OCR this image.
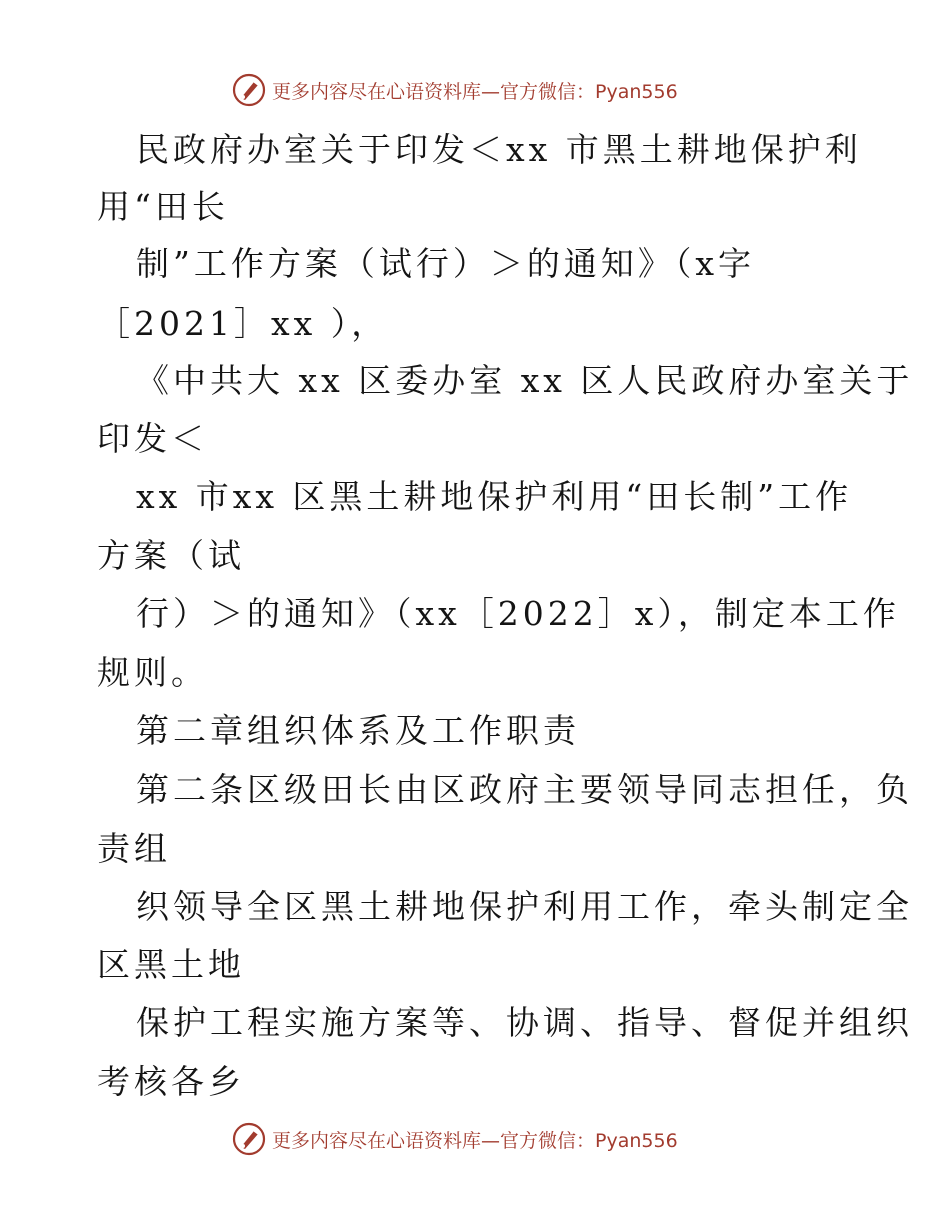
更多内容尽在心语资料库—官方微信：Pyan556
民政府办室关于印发＜xx 市黑土耕地保护利
用“田长
制”工作方案（试行）＞的通知》（x字
［2021］xx ），
《中共大 xx 区委办室 xx 区人民政府办室关于
印发＜
xx 市xx 区黑土耕地保护利用“田长制”工作
方案（试
行）＞的通知》（xx［2022］x），制定本工作
规则。
第二章组织体系及工作职责
第二条区级田长由区政府主要领导同志担任，负
责组
织领导全区黑土耕地保护利用工作，牵头制定全
区黑土地
保护工程实施方案等、协调、指导、督促并组织
考核各乡
更多内容尽在心语资料库—官方微信：Pyan556
